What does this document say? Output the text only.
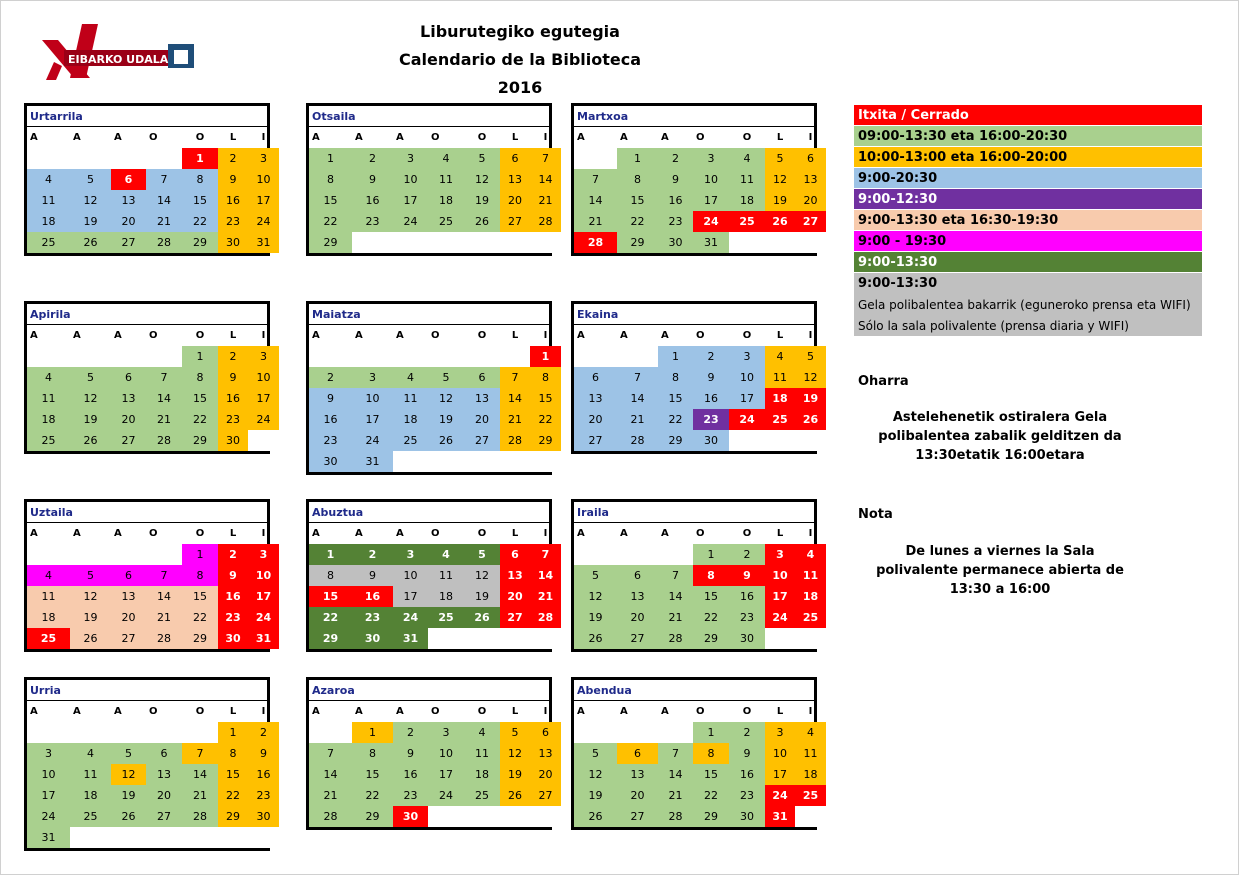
EIBARKO UDALA
Liburutegiko egutegia
Calendario de la Biblioteca
2016
Urtarrila
A	A	A	O	O	L	I
				1	2	3
4	5	6	7	8	9	10
11	12	13	14	15	16	17
18	19	20	21	22	23	24
25	26	27	28	29	30	31
Otsaila
A	A	A	O	O	L	I
1	2	3	4	5	6	7
8	9	10	11	12	13	14
15	16	17	18	19	20	21
22	23	24	25	26	27	28
29						
Martxoa
A	A	A	O	O	L	I
	1	2	3	4	5	6
7	8	9	10	11	12	13
14	15	16	17	18	19	20
21	22	23	24	25	26	27
28	29	30	31			
Apirila
A	A	A	O	O	L	I
				1	2	3
4	5	6	7	8	9	10
11	12	13	14	15	16	17
18	19	20	21	22	23	24
25	26	27	28	29	30	
Maiatza
A	A	A	O	O	L	I
						1
2	3	4	5	6	7	8
9	10	11	12	13	14	15
16	17	18	19	20	21	22
23	24	25	26	27	28	29
30	31					
Ekaina
A	A	A	O	O	L	I
		1	2	3	4	5
6	7	8	9	10	11	12
13	14	15	16	17	18	19
20	21	22	23	24	25	26
27	28	29	30			
Uztaila
A	A	A	O	O	L	I
				1	2	3
4	5	6	7	8	9	10
11	12	13	14	15	16	17
18	19	20	21	22	23	24
25	26	27	28	29	30	31
Abuztua
A	A	A	O	O	L	I
1	2	3	4	5	6	7
8	9	10	11	12	13	14
15	16	17	18	19	20	21
22	23	24	25	26	27	28
29	30	31				
Iraila
A	A	A	O	O	L	I
			1	2	3	4
5	6	7	8	9	10	11
12	13	14	15	16	17	18
19	20	21	22	23	24	25
26	27	28	29	30		
Urria
A	A	A	O	O	L	I
					1	2
3	4	5	6	7	8	9
10	11	12	13	14	15	16
17	18	19	20	21	22	23
24	25	26	27	28	29	30
31						
Azaroa
A	A	A	O	O	L	I
	1	2	3	4	5	6
7	8	9	10	11	12	13
14	15	16	17	18	19	20
21	22	23	24	25	26	27
28	29	30				
Abendua
A	A	A	O	O	L	I
			1	2	3	4
5	6	7	8	9	10	11
12	13	14	15	16	17	18
19	20	21	22	23	24	25
26	27	28	29	30	31	
Itxita / Cerrado
09:00-13:30 eta 16:00-20:30
10:00-13:00 eta 16:00-20:00
9:00-20:30
9:00-12:30
9:00-13:30 eta 16:30-19:30
9:00 - 19:30
9:00-13:30
9:00-13:30
Gela polibalentea bakarrik (eguneroko prensa eta WIFI)
Sólo la sala polivalente (prensa diaria y WIFI)
Oharra
Astelehenetik ostiralera Gela
polibalentea zabalik gelditzen da
13:30etatik 16:00etara
Nota
De lunes a viernes la Sala
polivalente permanece abierta de
13:30 a 16:00
